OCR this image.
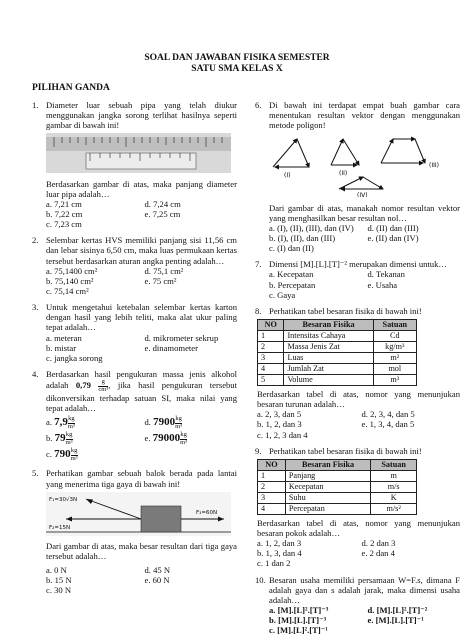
SOAL DAN JAWABAN FISIKA SEMESTER
SATU SMA KELAS X
PILIHAN GANDA
1. Diameter luar sebuah pipa yang telah diukur menggunakan jangka sorong terlihat hasilnya seperti gambar di bawah ini!
Berdasarkan gambar di atas, maka panjang diameter luar pipa adalah…
a. 7,21 cm	d. 7,24 cm
b. 7,22 cm	e. 7,25 cm
c. 7,23 cm
2. Selembar kertas HVS memiliki panjang sisi 11,56 cm dan lebar sisinya 6,50 cm, maka luas permukaan kertas tersebut berdasarkan aturan angka penting adalah…
a. 75,1400 cm²	d. 75,1 cm²
b. 75,140 cm²	e. 75 cm²
c. 75,14 cm²
3. Untuk mengetahui ketebalan selembar kertas karton dengan hasil yang lebih teliti, maka alat ukur paling tepat adalah…
a. meteran	d. mikrometer sekrup
b. mistar	e. dinamometer
c. jangka sorong
4. Berdasarkan hasil pengukuran massa jenis alkohol adalah $0,79 \frac{g}{\text{cm³}}$ , jika hasil pengukuran tersebut dikonversikan terhadap satuan SI, maka nilai yang tepat adalah…
a. $7,9 \frac{kg}{\text{m³}}$	d. $7900 \frac{kg}{\text{m³}}$
b. $79 \frac{kg}{\text{m³}}$	e. $79000 \frac{kg}{\text{m³}}$
c. $790 \frac{kg}{\text{m³}}$
5. Perhatikan gambar sebuah balok berada pada lantai yang menerima tiga gaya di bawah ini!
F₁=30√3N
F₂=15N
F₃=60N
Dari gambar di atas, maka besar resultan dari tiga gaya tersebut adalah…
a. 0 N	d. 45 N
b. 15 N	e. 60 N
c. 30 N
6. Di bawah ini terdapat empat buah gambar cara menentukan resultan vektor dengan menggunakan metode poligon!
(I)	(II)
(III)
(IV)
Dari gambar di atas, manakah nomor resultan vektor yang menghasilkan besar resultan nol…
a. (I), (II), (III), dan (IV)	d. (II) dan (III)
b. (I), (II), dan (III)	e. (II) dan (IV)
c. (I) dan (II)
7. Dimensi [M].[L].[T]⁻² merupakan dimensi untuk…
a. Kecepatan	d. Tekanan
b. Percepatan	e. Usaha
c. Gaya
8. Perhatikan tabel besaran fisika di bawah ini!
NO	Besaran Fisika	Satuan
1	Intensitas Cahaya	Cd
2	Massa Jenis Zat	kg/m³
3	Luas	m²
4	Jumlah Zat	mol
5	Volume	m³
Berdasarkan tabel di atas, nomor yang menunjukan besaran turunan adalah…
a. 2, 3, dan 5	d. 2, 3, 4, dan 5
b. 1, 2, dan 3	e. 1, 3, 4, dan 5
c. 1, 2, 3 dan 4
9. Perhatikan tabel besaran fisika di bawah ini!
NO	Besaran Fisika	Satuan
1	Panjang	m
2	Kecepatan	m/s
3	Suhu	K
4	Percepatan	m/s²
Berdasarkan tabel di atas, nomor yang menunjukan besaran pokok adalah…
a. 1, 2, dan 3	d. 2 dan 3
b. 1, 3, dan 4	e. 2 dan 4
c. 1 dan 2
10. Besaran usaha memiliki persamaan W=F.s, dimana F adalah gaya dan s adalah jarak, maka dimensi usaha adalah…
a. [M].[L]².[T]⁻³	d. [M].[L]².[T]⁻²
b. [M].[L].[T]⁻³	e. [M].[L].[T]⁻¹
c. [M].[L]².[T]⁻¹
